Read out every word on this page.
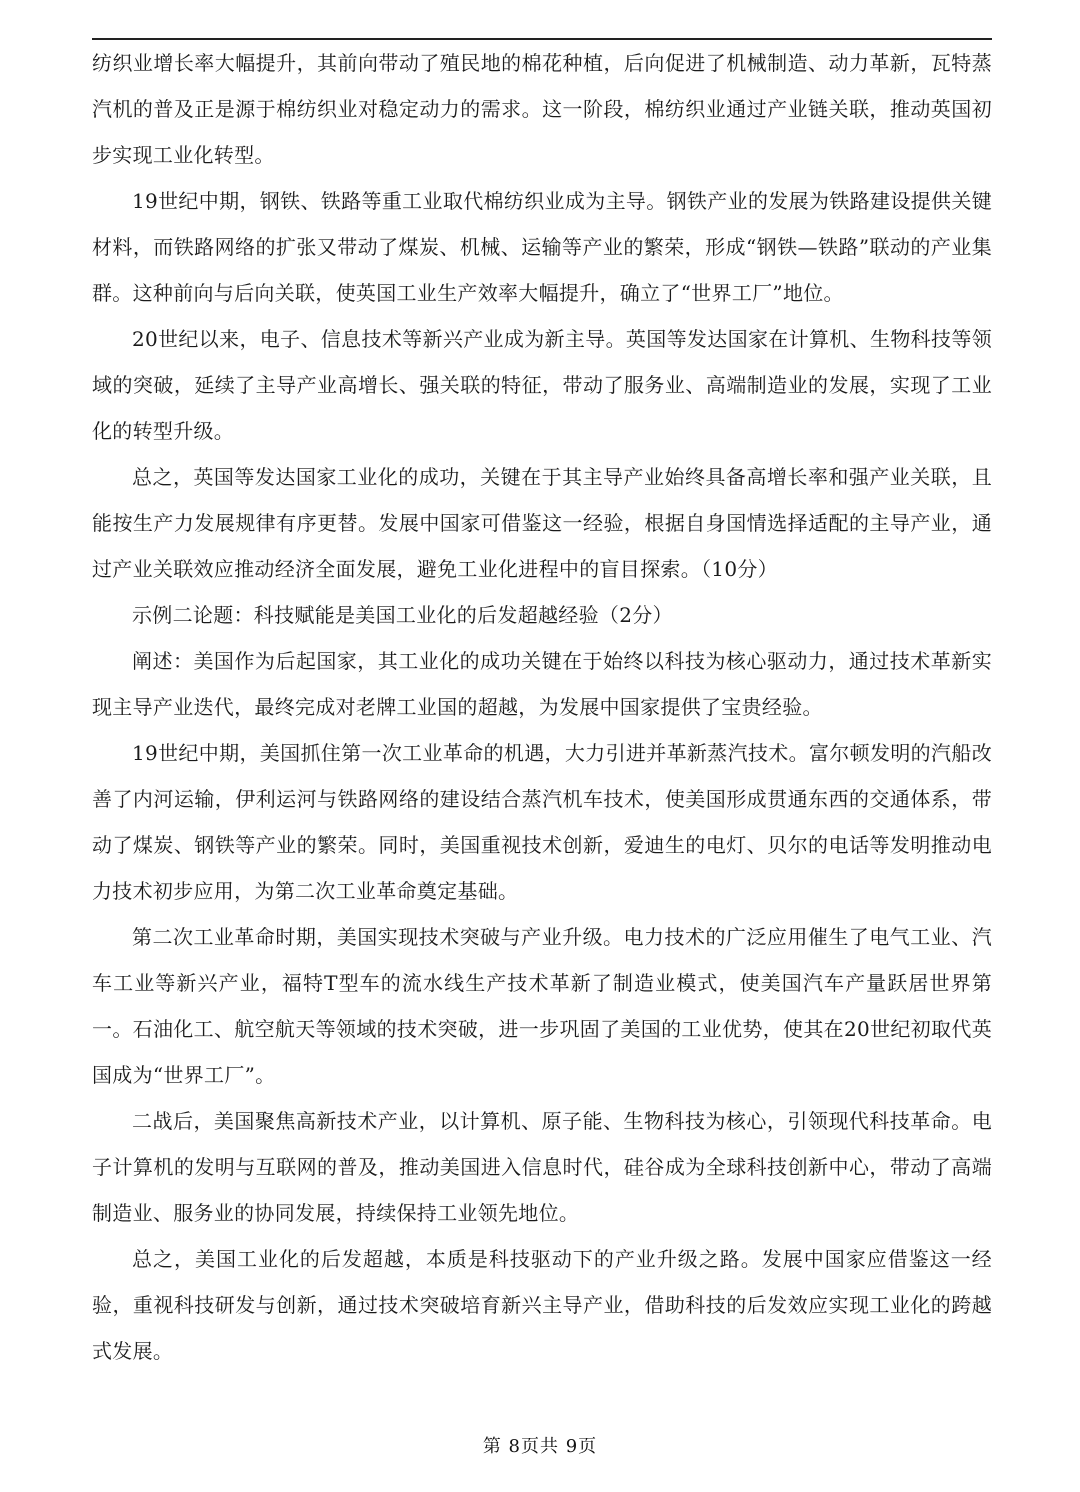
纺织业增长率大幅提升，其前向带动了殖民地的棉花种植，后向促进了机械制造、动力革新，瓦特蒸汽机的普及正是源于棉纺织业对稳定动力的需求。这一阶段，棉纺织业通过产业链关联，推动英国初步实现工业化转型。

19世纪中期，钢铁、铁路等重工业取代棉纺织业成为主导。钢铁产业的发展为铁路建设提供关键材料，而铁路网络的扩张又带动了煤炭、机械、运输等产业的繁荣，形成“钢铁—铁路”联动的产业集群。这种前向与后向关联，使英国工业生产效率大幅提升，确立了“世界工厂”地位。

20世纪以来，电子、信息技术等新兴产业成为新主导。英国等发达国家在计算机、生物科技等领域的突破，延续了主导产业高增长、强关联的特征，带动了服务业、高端制造业的发展，实现了工业化的转型升级。

总之，英国等发达国家工业化的成功，关键在于其主导产业始终具备高增长率和强产业关联，且能按生产力发展规律有序更替。发展中国家可借鉴这一经验，根据自身国情选择适配的主导产业，通过产业关联效应推动经济全面发展，避免工业化进程中的盲目探索。（10分）

示例二论题：科技赋能是美国工业化的后发超越经验（2分）

阐述：美国作为后起国家，其工业化的成功关键在于始终以科技为核心驱动力，通过技术革新实现主导产业迭代，最终完成对老牌工业国的超越，为发展中国家提供了宝贵经验。

19世纪中期，美国抓住第一次工业革命的机遇，大力引进并革新蒸汽技术。富尔顿发明的汽船改善了内河运输，伊利运河与铁路网络的建设结合蒸汽机车技术，使美国形成贯通东西的交通体系，带动了煤炭、钢铁等产业的繁荣。同时，美国重视技术创新，爱迪生的电灯、贝尔的电话等发明推动电力技术初步应用，为第二次工业革命奠定基础。

第二次工业革命时期，美国实现技术突破与产业升级。电力技术的广泛应用催生了电气工业、汽车工业等新兴产业，福特T型车的流水线生产技术革新了制造业模式，使美国汽车产量跃居世界第一。石油化工、航空航天等领域的技术突破，进一步巩固了美国的工业优势，使其在20世纪初取代英国成为“世界工厂”。

二战后，美国聚焦高新技术产业，以计算机、原子能、生物科技为核心，引领现代科技革命。电子计算机的发明与互联网的普及，推动美国进入信息时代，硅谷成为全球科技创新中心，带动了高端制造业、服务业的协同发展，持续保持工业领先地位。

总之，美国工业化的后发超越，本质是科技驱动下的产业升级之路。发展中国家应借鉴这一经验，重视科技研发与创新，通过技术突破培育新兴主导产业，借助科技的后发效应实现工业化的跨越式发展。

第 8页共 9页
